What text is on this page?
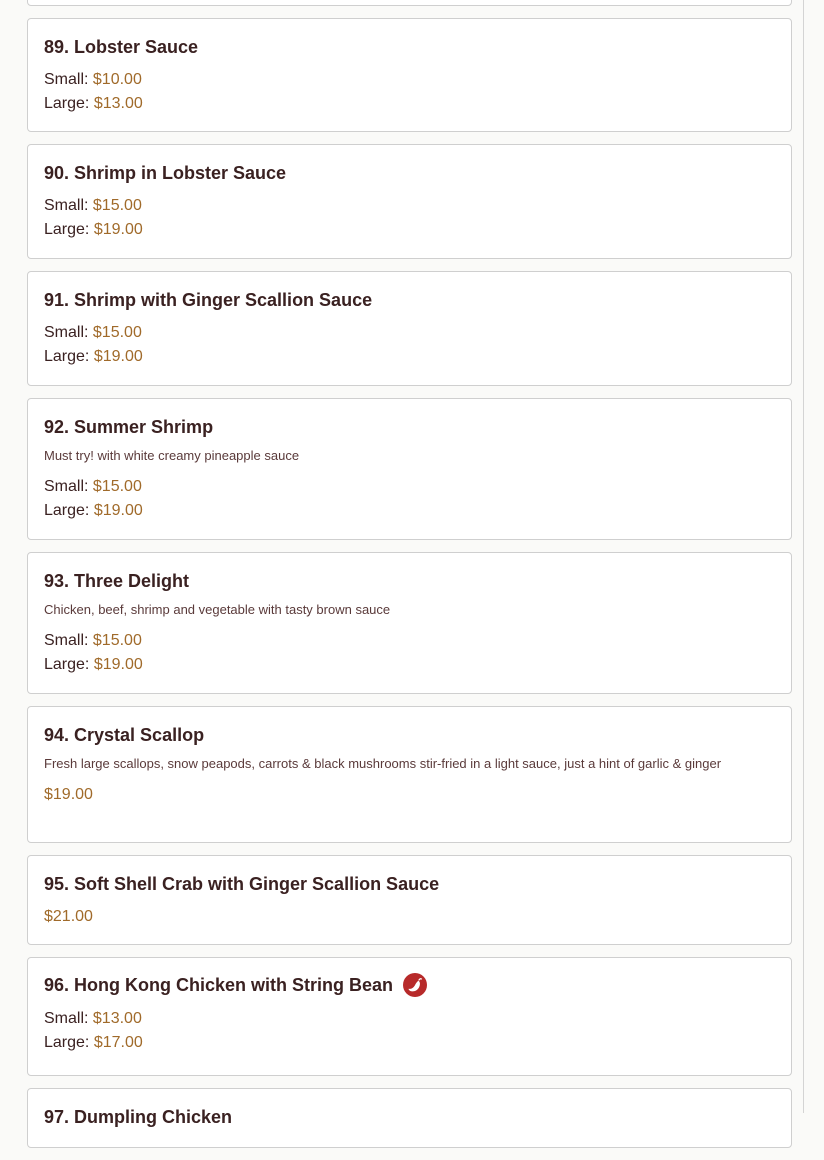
89. Lobster Sauce
Small: $10.00
Large: $13.00
90. Shrimp in Lobster Sauce
Small: $15.00
Large: $19.00
91. Shrimp with Ginger Scallion Sauce
Small: $15.00
Large: $19.00
92. Summer Shrimp
Must try! with white creamy pineapple sauce
Small: $15.00
Large: $19.00
93. Three Delight
Chicken, beef, shrimp and vegetable with tasty brown sauce
Small: $15.00
Large: $19.00
94. Crystal Scallop
Fresh large scallops, snow peapods, carrots & black mushrooms stir-fried in a light sauce, just a hint of garlic & ginger
$19.00
95. Soft Shell Crab with Ginger Scallion Sauce
$21.00
96. Hong Kong Chicken with String Bean
Small: $13.00
Large: $17.00
97. Dumpling Chicken
